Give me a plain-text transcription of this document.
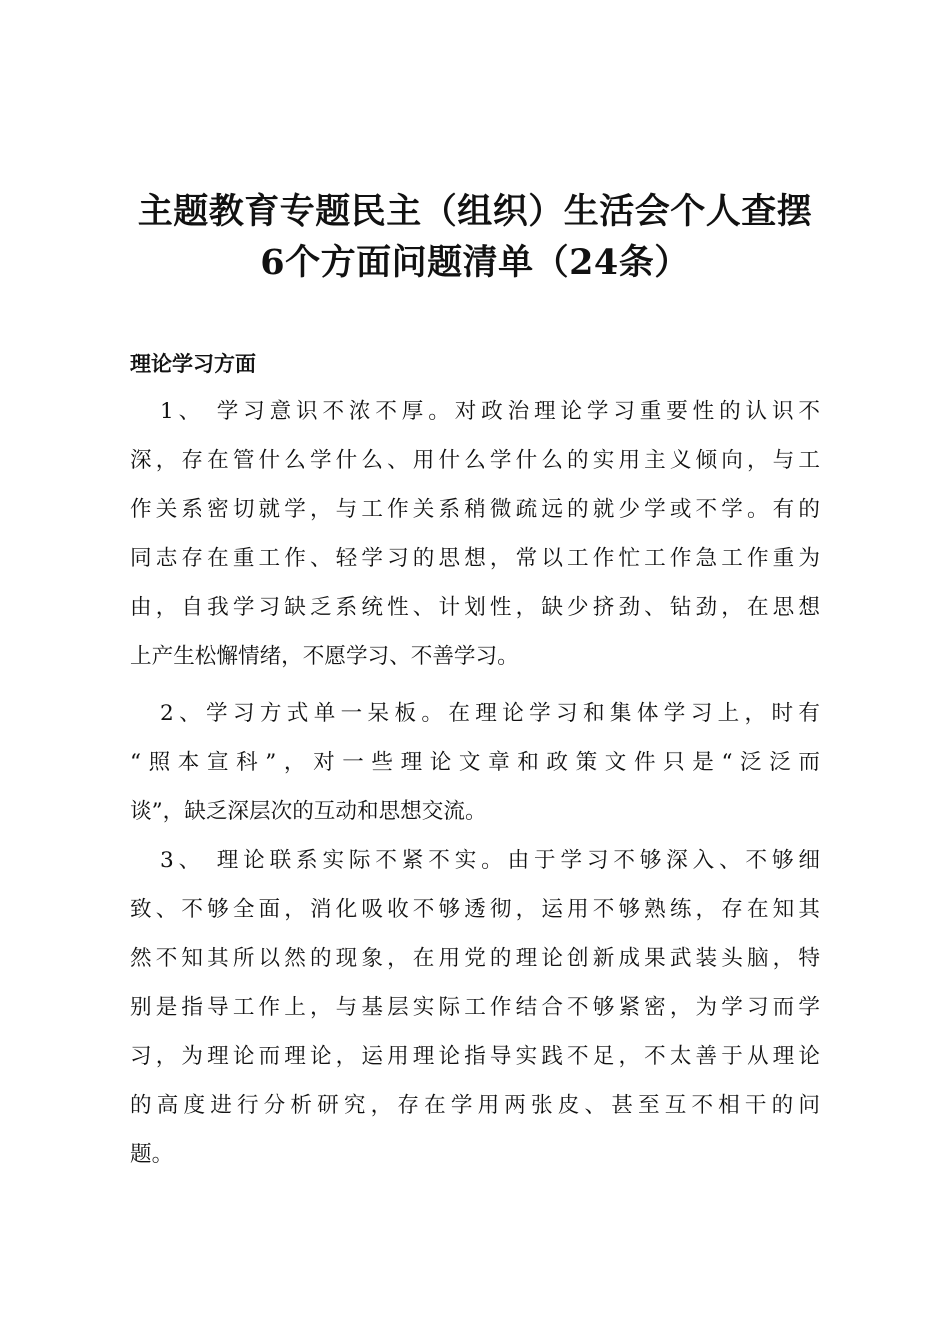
主题教育专题民主（组织）生活会个人查摆
6个方面问题清单（24条）
理论学习方面
1、 学习意识不浓不厚。对政治理论学习重要性的认识不
深，存在管什么学什么、用什么学什么的实用主义倾向，与工
作关系密切就学，与工作关系稍微疏远的就少学或不学。有的
同志存在重工作、轻学习的思想，常以工作忙工作急工作重为
由，自我学习缺乏系统性、计划性，缺少挤劲、钻劲，在思想
上产生松懈情绪，不愿学习、不善学习。
2、学习方式单一呆板。在理论学习和集体学习上，时有
“照本宣科”，对一些理论文章和政策文件只是“泛泛而
谈”，缺乏深层次的互动和思想交流。
3、 理论联系实际不紧不实。由于学习不够深入、不够细
致、不够全面，消化吸收不够透彻，运用不够熟练，存在知其
然不知其所以然的现象，在用党的理论创新成果武装头脑，特
别是指导工作上，与基层实际工作结合不够紧密，为学习而学
习，为理论而理论，运用理论指导实践不足，不太善于从理论
的高度进行分析研究，存在学用两张皮、甚至互不相干的问
题。
